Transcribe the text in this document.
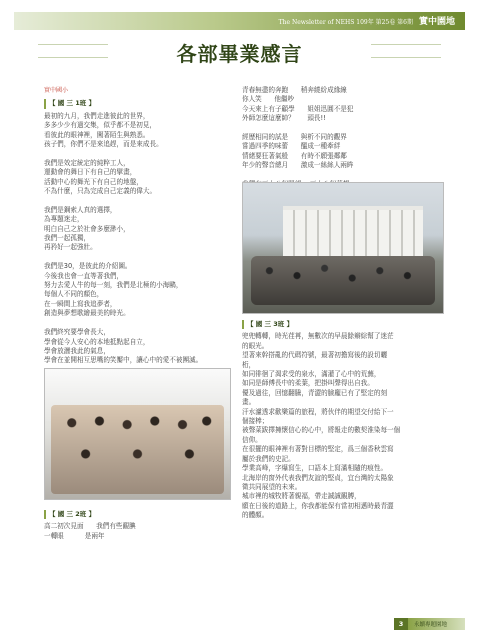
The Newsletter of NEHS 109年 第25卷 第6期 實中園地
各部畢業感言
實中國小
【 國 三 1班 】

最初的九月，我們走進彼此的世界，

多多少少有過交集，似乎都不是初見，

看彼此的眼神裡，闖著陌生與熟悉。

孩子們，你們不是來追趕，而是來成長。

我們是效定統定的純粹工人，

運動會的舞日下有自己的擘畫，

活動中心的舞光下有自己的地盤，

不為什麼，只為完成自己定義的偉大。

我們是鋼索人真的選擇，

為專題迷走，

明白自己之於社會多麼渺小，

我們一起孤獨，

再矜好一起強壯。

我們是30，是彼此的介紹圖。

今後我也會一直等著我們，

努力去愛人牛的每一刻，我們是北極的小海鷗，

每個人不同的顏色，

在一瞬間上寫我追夢者，

創造與夢想歌繪最美的時光。

我們終究要學會長大，

學會從今人安心的本地抵點起自立，

學會放灑我此的氣息，

學會在並開相互思嘴的笑靨中，讓心中的愛不被團滅。

【 國 三 2班 】

高二初次見面      我們有些靦腆

一轉眼          是兩年

青春無盡的奔跑      稍奔繞紛成緣線

你人笑      他繼吵

今天來上有子顧學      姐姐迅圓不是犯

外師怎麼這麼帥？      頭長!!

經歷相同的試是      與析不同的觀界

嘗過四季的味蕾      醞成一種牽絆

情緒要狂著氣般      有時不願張鄰鄰

年少的聲音總月      激成一絲絲人兩眸

【 國 三 3班 】

兜兜轉轉，時光荏苒，無數次的早晨餘辮綜幫了迷茫

的眼光。

望著來幹搭亂的代碼符號，最著初擔寫後的設切曬

桁，

如同徘徊了渴求受的泉水，滿灌了心中的荒蕪，

如同是師傅長中的柔葉，把掛叫聲得出自我。

優及過往，回憶翻騰，青澀的臉龐已有了堅定的刻

畫。

汗水濾透求歡樂篇的旅程，將伙伴的期望交付給下一

個接棒；

被聲菜跋擇擁懷信心的心中，將報走的數契淮染每一個

信仰。

在很擺的眼神裡有著對目標的堅定，爲三個香秋雲寫

屬於我們的史記。

學業高峰，字爆寫生，口語本上寫滿相隨的痕性。

北海岸的窗外代表我們友誼的堅貞，宜台灣的太陽象

徵共同展望的未來。

城市裡的城牧將著親福，帶走誠誠靦膊，

願在日後的道路上，你我都能保有當初相邁時最青澀

的體顏。

3	永續專題園地
